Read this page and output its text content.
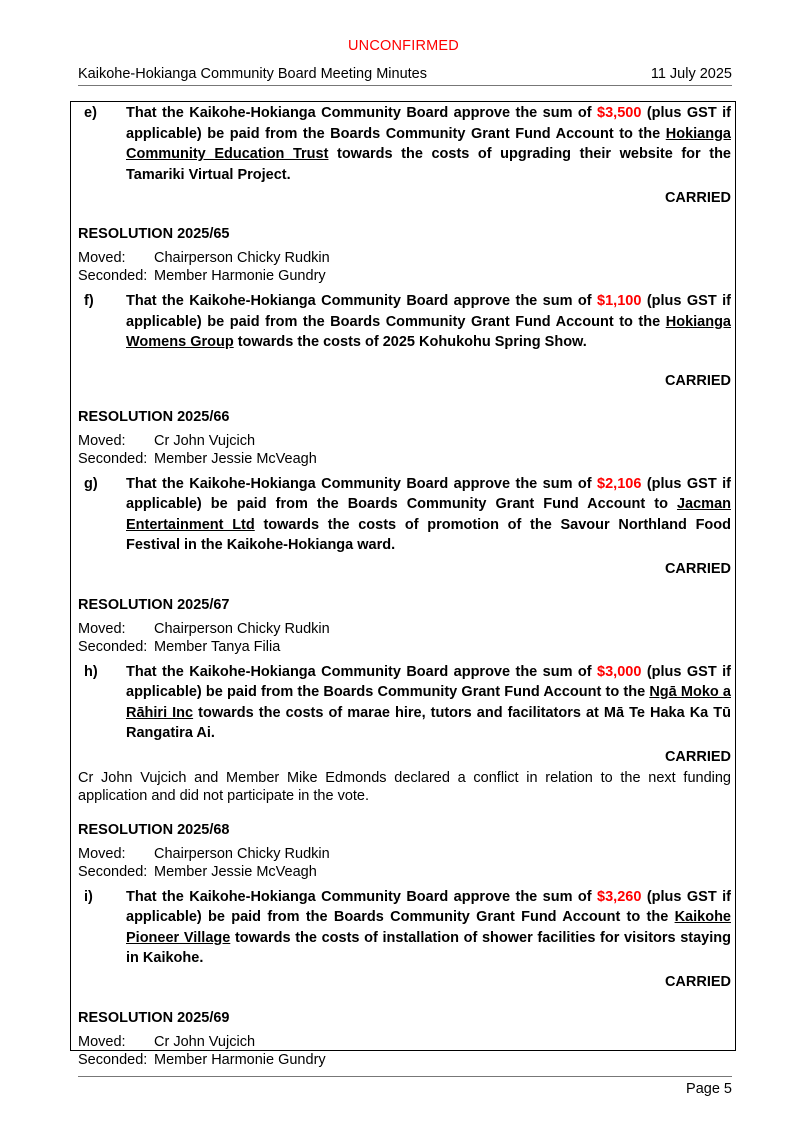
UNCONFIRMED
Kaikohe-Hokianga Community Board Meeting Minutes	11 July 2025
e)	That the Kaikohe-Hokianga Community Board approve the sum of $3,500 (plus GST if applicable) be paid from the Boards Community Grant Fund Account to the Hokianga Community Education Trust towards the costs of upgrading their website for the Tamariki Virtual Project.
CARRIED
RESOLUTION 2025/65
Moved: Chairperson Chicky Rudkin
Seconded: Member Harmonie Gundry
f)	That the Kaikohe-Hokianga Community Board approve the sum of $1,100 (plus GST if applicable) be paid from the Boards Community Grant Fund Account to the Hokianga Womens Group towards the costs of 2025 Kohukohu Spring Show.
CARRIED
RESOLUTION 2025/66
Moved: Cr John Vujcich
Seconded: Member Jessie McVeagh
g)	That the Kaikohe-Hokianga Community Board approve the sum of $2,106 (plus GST if applicable) be paid from the Boards Community Grant Fund Account to Jacman Entertainment Ltd towards the costs of promotion of the Savour Northland Food Festival in the Kaikohe-Hokianga ward.
CARRIED
RESOLUTION 2025/67
Moved: Chairperson Chicky Rudkin
Seconded: Member Tanya Filia
h)	That the Kaikohe-Hokianga Community Board approve the sum of $3,000 (plus GST if applicable) be paid from the Boards Community Grant Fund Account to the Ngā Moko a Rāhiri Inc towards the costs of marae hire, tutors and facilitators at Mā Te Haka Ka Tū Rangatira Ai.
CARRIED
Cr John Vujcich and Member Mike Edmonds declared a conflict in relation to the next funding application and did not participate in the vote.
RESOLUTION 2025/68
Moved: Chairperson Chicky Rudkin
Seconded: Member Jessie McVeagh
i)	That the Kaikohe-Hokianga Community Board approve the sum of $3,260 (plus GST if applicable) be paid from the Boards Community Grant Fund Account to the Kaikohe Pioneer Village towards the costs of installation of shower facilities for visitors staying in Kaikohe.
CARRIED
RESOLUTION 2025/69
Moved: Cr John Vujcich
Seconded: Member Harmonie Gundry
Page 5
